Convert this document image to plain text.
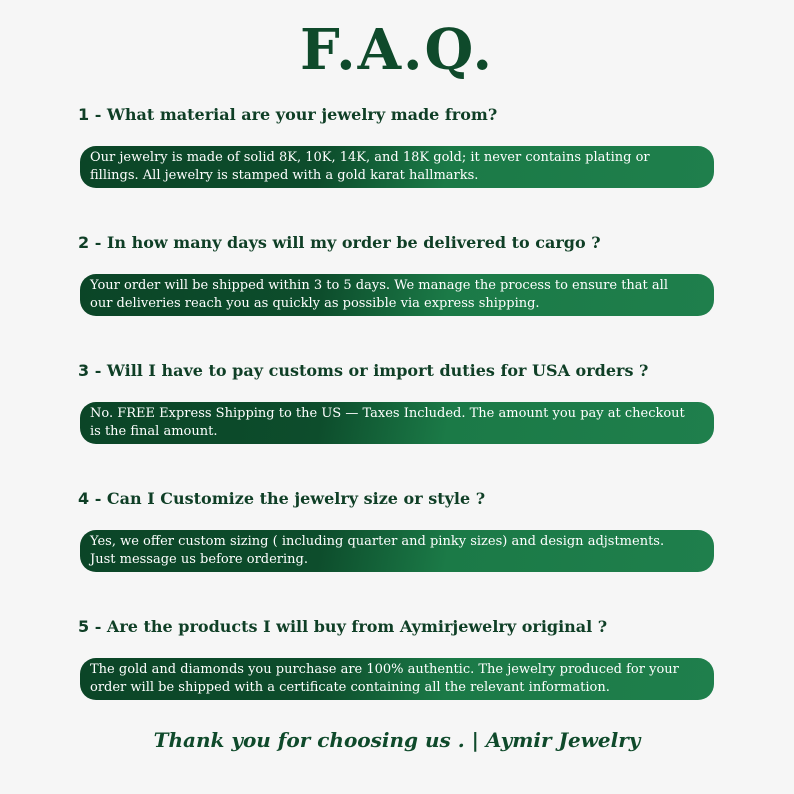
F.A.Q.
1 - What material are your jewelry made from?
Our jewelry is made of solid 8K, 10K, 14K, and 18K gold; it never contains plating or
fillings. All jewelry is stamped with a gold karat hallmarks.
2 - In how many days will my order be delivered to cargo ?
Your order will be shipped within 3 to 5 days. We manage the process to ensure that all
our deliveries reach you as quickly as possible via express shipping.
3 - Will I have to pay customs or import duties for USA orders ?
No. FREE Express Shipping to the US — Taxes Included. The amount you pay at checkout
is the final amount.
4 - Can I Customize the jewelry size or style ?
Yes, we offer custom sizing ( including quarter and pinky sizes) and design adjstments.
Just message us before ordering.
5 - Are the products I will buy from Aymirjewelry original ?
The gold and diamonds you purchase are 100% authentic. The jewelry produced for your
order will be shipped with a certificate containing all the relevant information.
Thank you for choosing us . | Aymir Jewelry
